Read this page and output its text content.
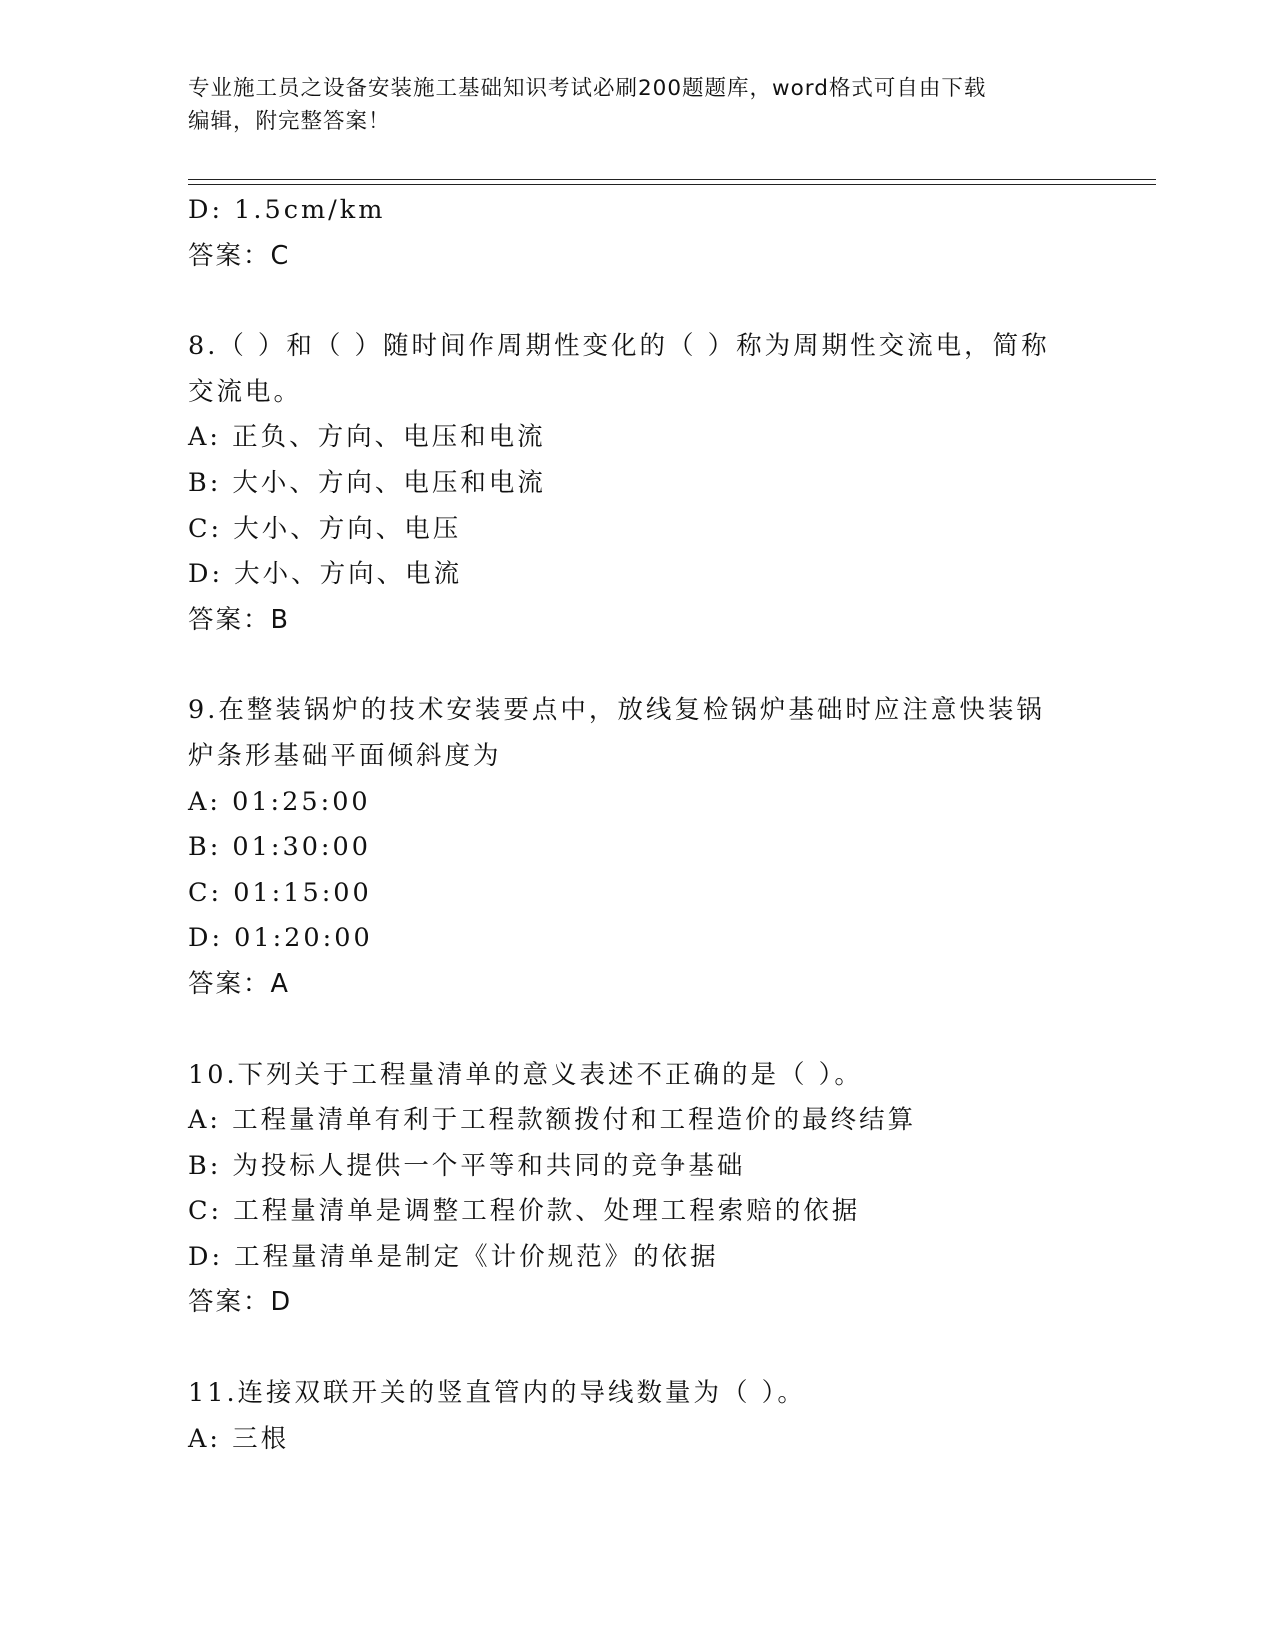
专业施工员之设备安装施工基础知识考试必刷200题题库，word格式可自由下载
编辑，附完整答案！
D: 1.5cm/km
答案：C
8.（ ）和（ ）随时间作周期性变化的（ ）称为周期性交流电，简称
交流电。
A: 正负、方向、电压和电流
B: 大小、方向、电压和电流
C: 大小、方向、电压
D: 大小、方向、电流
答案：B
9.在整装锅炉的技术安装要点中，放线复检锅炉基础时应注意快装锅
炉条形基础平面倾斜度为
A: 01:25:00
B: 01:30:00
C: 01:15:00
D: 01:20:00
答案：A
10.下列关于工程量清单的意义表述不正确的是（ ）。
A: 工程量清单有利于工程款额拨付和工程造价的最终结算
B: 为投标人提供一个平等和共同的竞争基础
C: 工程量清单是调整工程价款、处理工程索赔的依据
D: 工程量清单是制定《计价规范》的依据
答案：D
11.连接双联开关的竖直管内的导线数量为（ ）。
A: 三根
